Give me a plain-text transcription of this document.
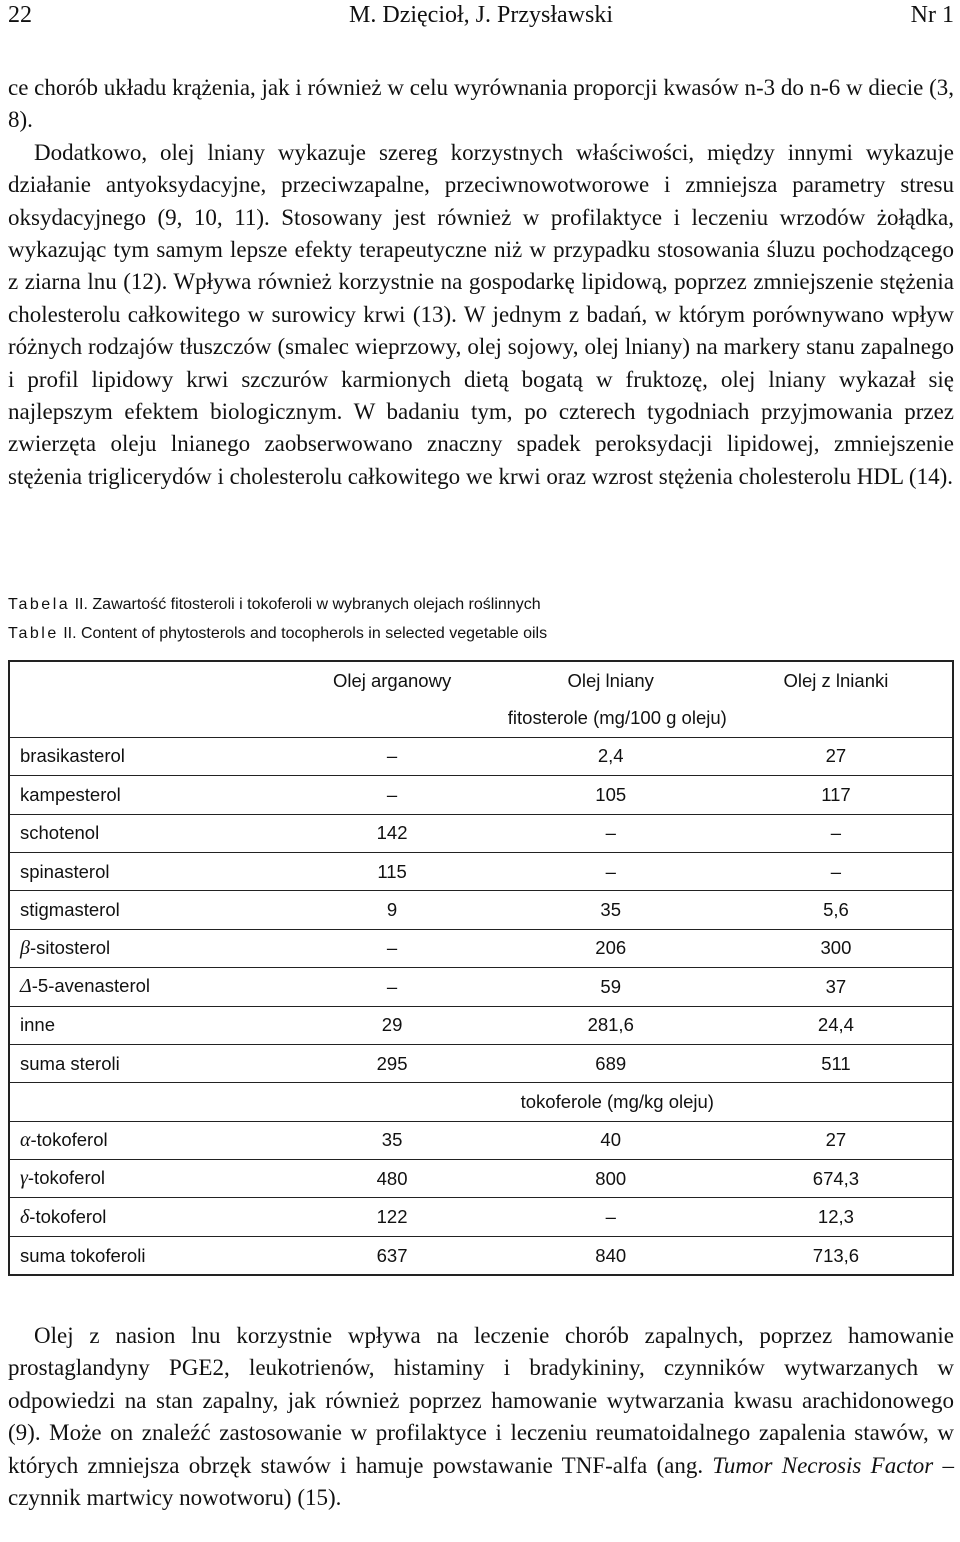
22	M. Dzięcioł, J. Przysławski	Nr 1

ce chorób układu krążenia, jak i również w celu wyrównania proporcji kwasów n-3 do n-6 w diecie (3, 8).

Dodatkowo, olej lniany wykazuje szereg korzystnych właściwości, między innymi wykazuje działanie antyoksydacyjne, przeciwzapalne, przeciwnowotworowe i zmniejsza parametry stresu oksydacyjnego (9, 10, 11). Stosowany jest również w profilaktyce i leczeniu wrzodów żołądka, wykazując tym samym lepsze efekty terapeutyczne niż w przypadku stosowania śluzu pochodzącego z ziarna lnu (12). Wpływa również korzystnie na gospodarkę lipidową, poprzez zmniejszenie stężenia cholesterolu całkowitego w surowicy krwi (13). W jednym z badań, w którym porównywano wpływ różnych rodzajów tłuszczów (smalec wieprzowy, olej sojowy, olej lniany) na markery stanu zapalnego i profil lipidowy krwi szczurów karmionych dietą bogatą w fruktozę, olej lniany wykazał się najlepszym efektem biologicznym. W badaniu tym, po czterech tygodniach przyjmowania przez zwierzęta oleju lnianego zaobserwowano znaczny spadek peroksydacji lipidowej, zmniejszenie stężenia triglicerydów i cholesterolu całkowitego we krwi oraz wzrost stężenia cholesterolu HDL (14).

Tabela II. Zawartość fitosteroli i tokoferoli w wybranych olejach roślinnych
Table II. Content of phytosterols and tocopherols in selected vegetable oils
	Olej arganowy	Olej lniany	Olej z lnianki
	fitosterole (mg/100 g oleju)		
brasikasterol	–	2,4	27
kampesterol	–	105	117
schotenol	142	–	–
spinasterol	115	–	–
stigmasterol	9	35	5,6
β-sitosterol	–	206	300
Δ-5-avenasterol	–	59	37
inne	29	281,6	24,4
suma steroli	295	689	511
	tokoferole (mg/kg oleju)		
α-tokoferol	35	40	27
γ-tokoferol	480	800	674,3
δ-tokoferol	122	–	12,3
suma tokoferoli	637	840	713,6

Olej z nasion lnu korzystnie wpływa na leczenie chorób zapalnych, poprzez hamowanie prostaglandyny PGE2, leukotrienów, histaminy i bradykininy, czynników wytwarzanych w odpowiedzi na stan zapalny, jak również poprzez hamowanie wytwarzania kwasu arachidonowego (9). Może on znaleźć zastosowanie w profilaktyce i leczeniu reumatoidalnego zapalenia stawów, w których zmniejsza obrzęk stawów i hamuje powstawanie TNF-alfa (ang. Tumor Necrosis Factor – czynnik martwicy nowotworu) (15).
